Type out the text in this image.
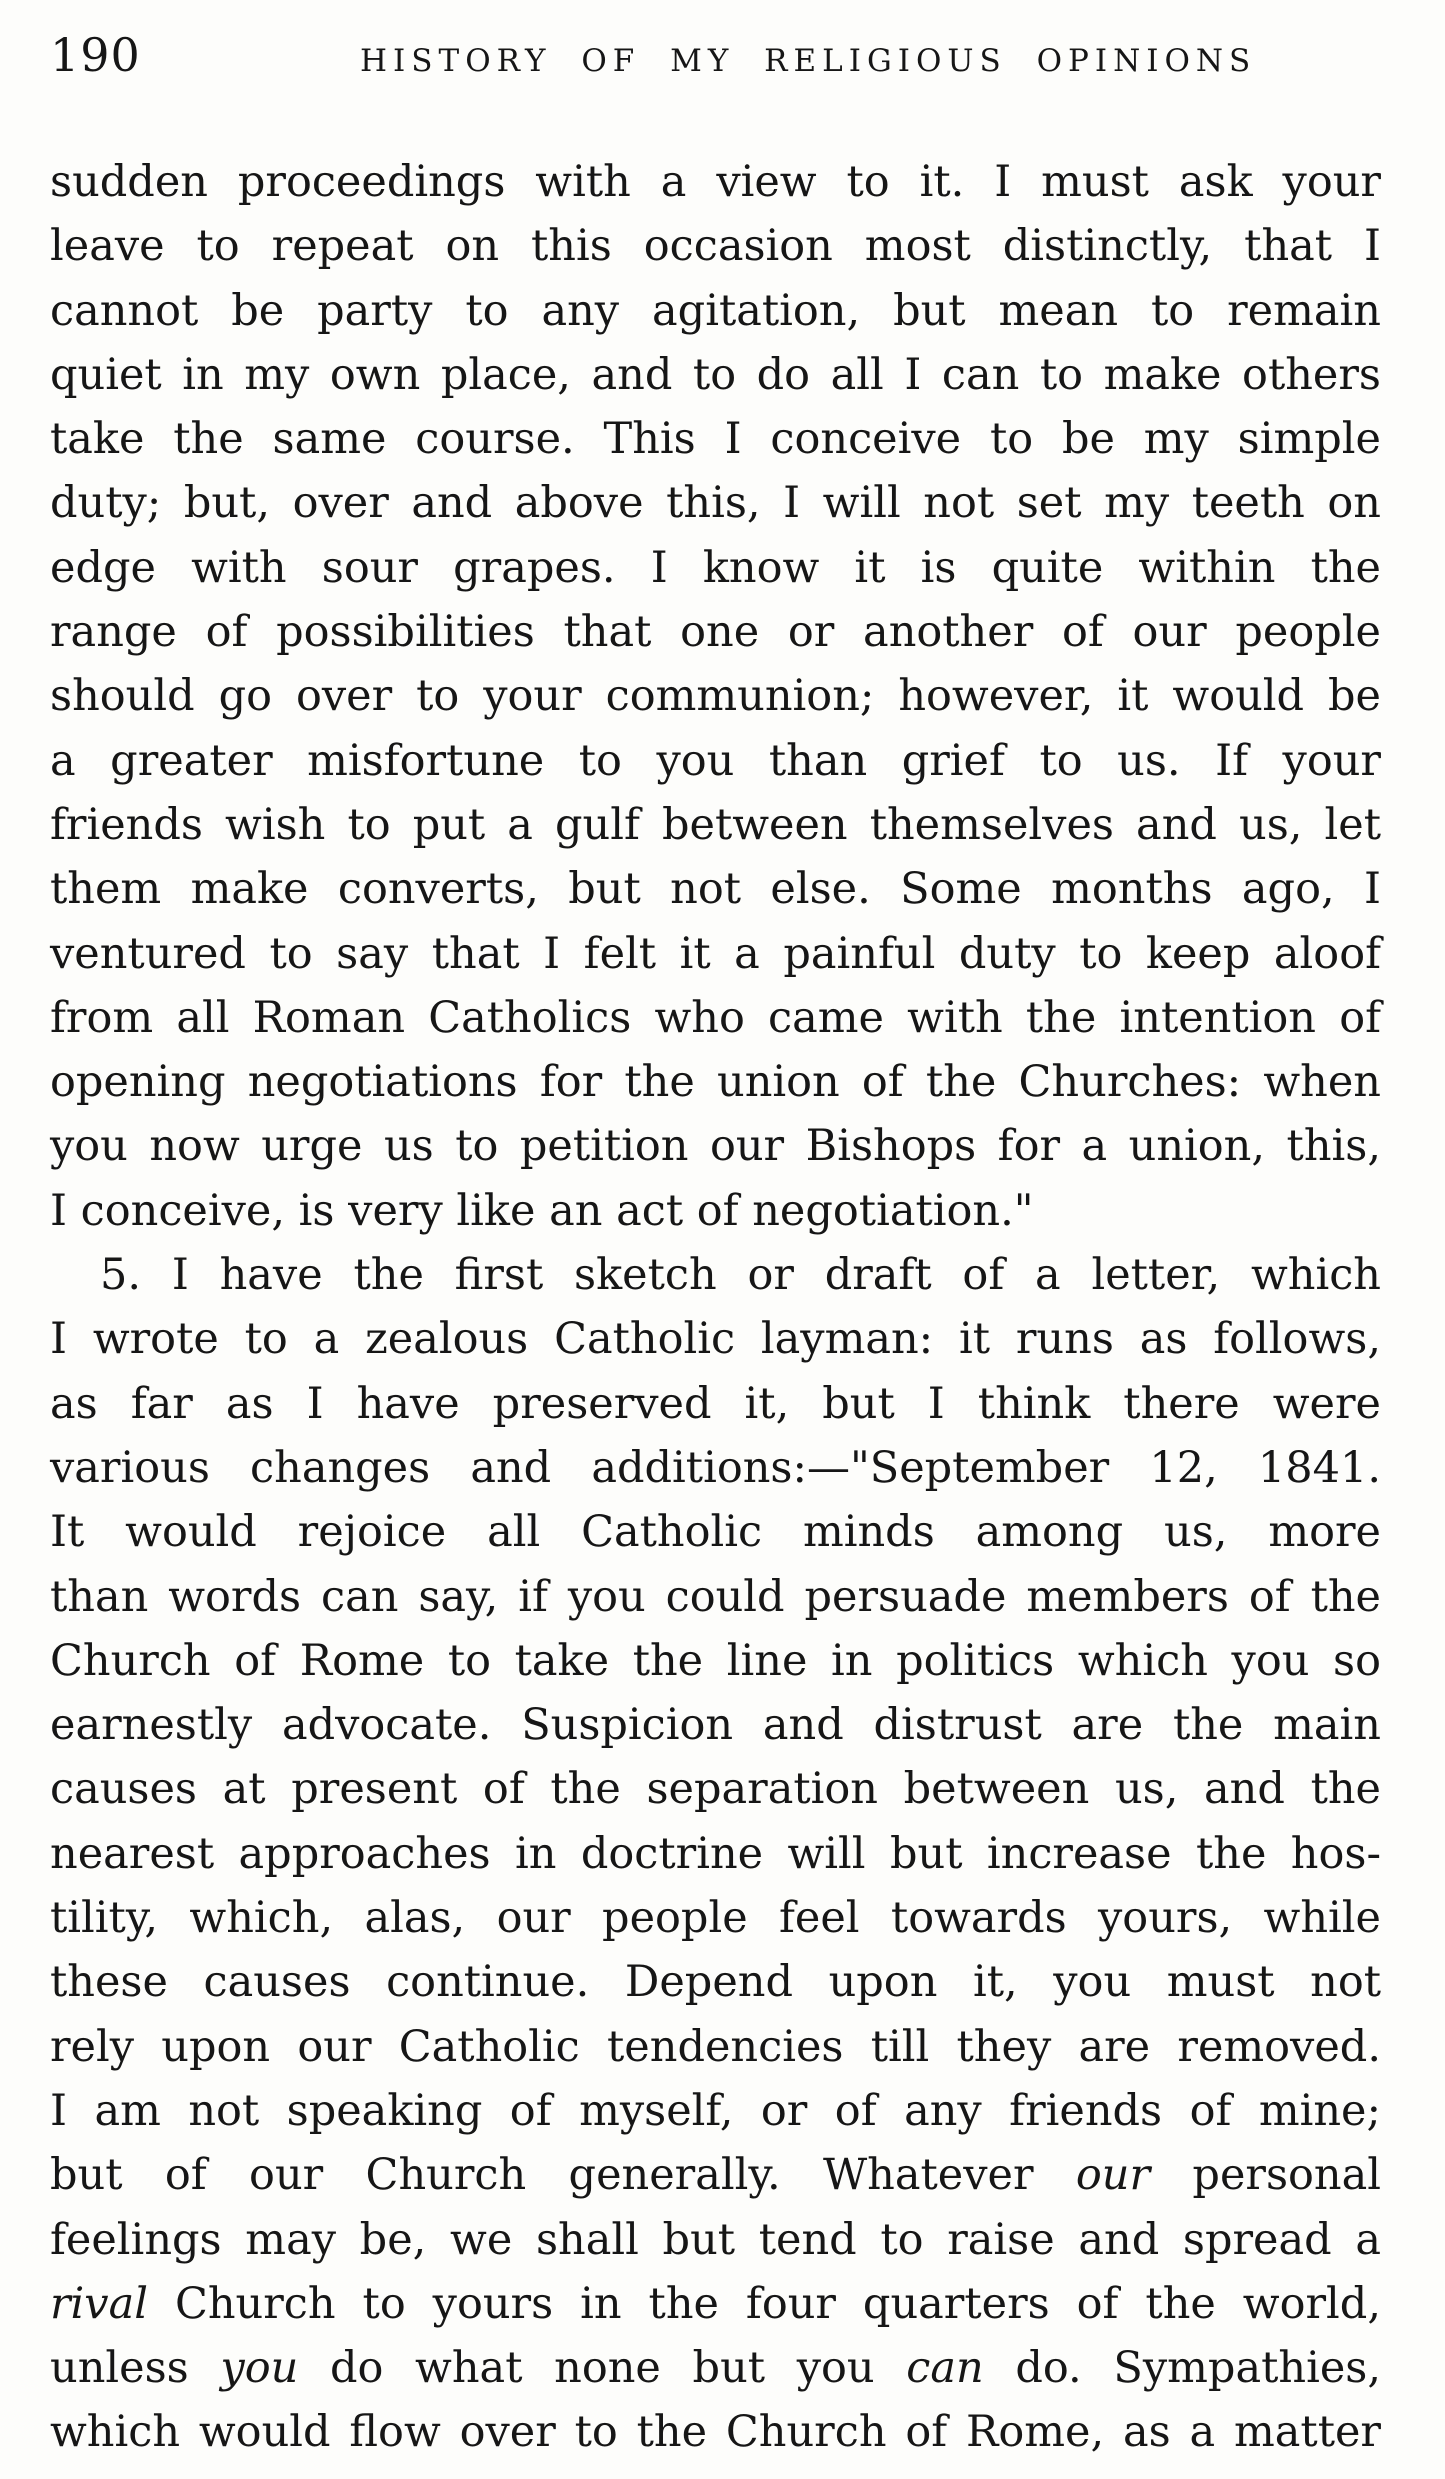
190	HISTORY OF MY RELIGIOUS OPINIONS
sudden proceedings with a view to it. I must ask your
leave to repeat on this occasion most distinctly, that I
cannot be party to any agitation, but mean to remain
quiet in my own place, and to do all I can to make others
take the same course. This I conceive to be my simple
duty; but, over and above this, I will not set my teeth on
edge with sour grapes. I know it is quite within the
range of possibilities that one or another of our people
should go over to your communion; however, it would be
a greater misfortune to you than grief to us. If your
friends wish to put a gulf between themselves and us, let
them make converts, but not else. Some months ago, I
ventured to say that I felt it a painful duty to keep aloof
from all Roman Catholics who came with the intention of
opening negotiations for the union of the Churches: when
you now urge us to petition our Bishops for a union, this,
I conceive, is very like an act of negotiation."
5. I have the first sketch or draft of a letter, which
I wrote to a zealous Catholic layman: it runs as follows,
as far as I have preserved it, but I think there were
various changes and additions:—"September 12, 1841.
It would rejoice all Catholic minds among us, more
than words can say, if you could persuade members of the
Church of Rome to take the line in politics which you so
earnestly advocate. Suspicion and distrust are the main
causes at present of the separation between us, and the
nearest approaches in doctrine will but increase the hos-
tility, which, alas, our people feel towards yours, while
these causes continue. Depend upon it, you must not
rely upon our Catholic tendencies till they are removed.
I am not speaking of myself, or of any friends of mine;
but of our Church generally. Whatever our personal
feelings may be, we shall but tend to raise and spread a
rival Church to yours in the four quarters of the world,
unless you do what none but you can do. Sympathies,
which would flow over to the Church of Rome, as a matter
